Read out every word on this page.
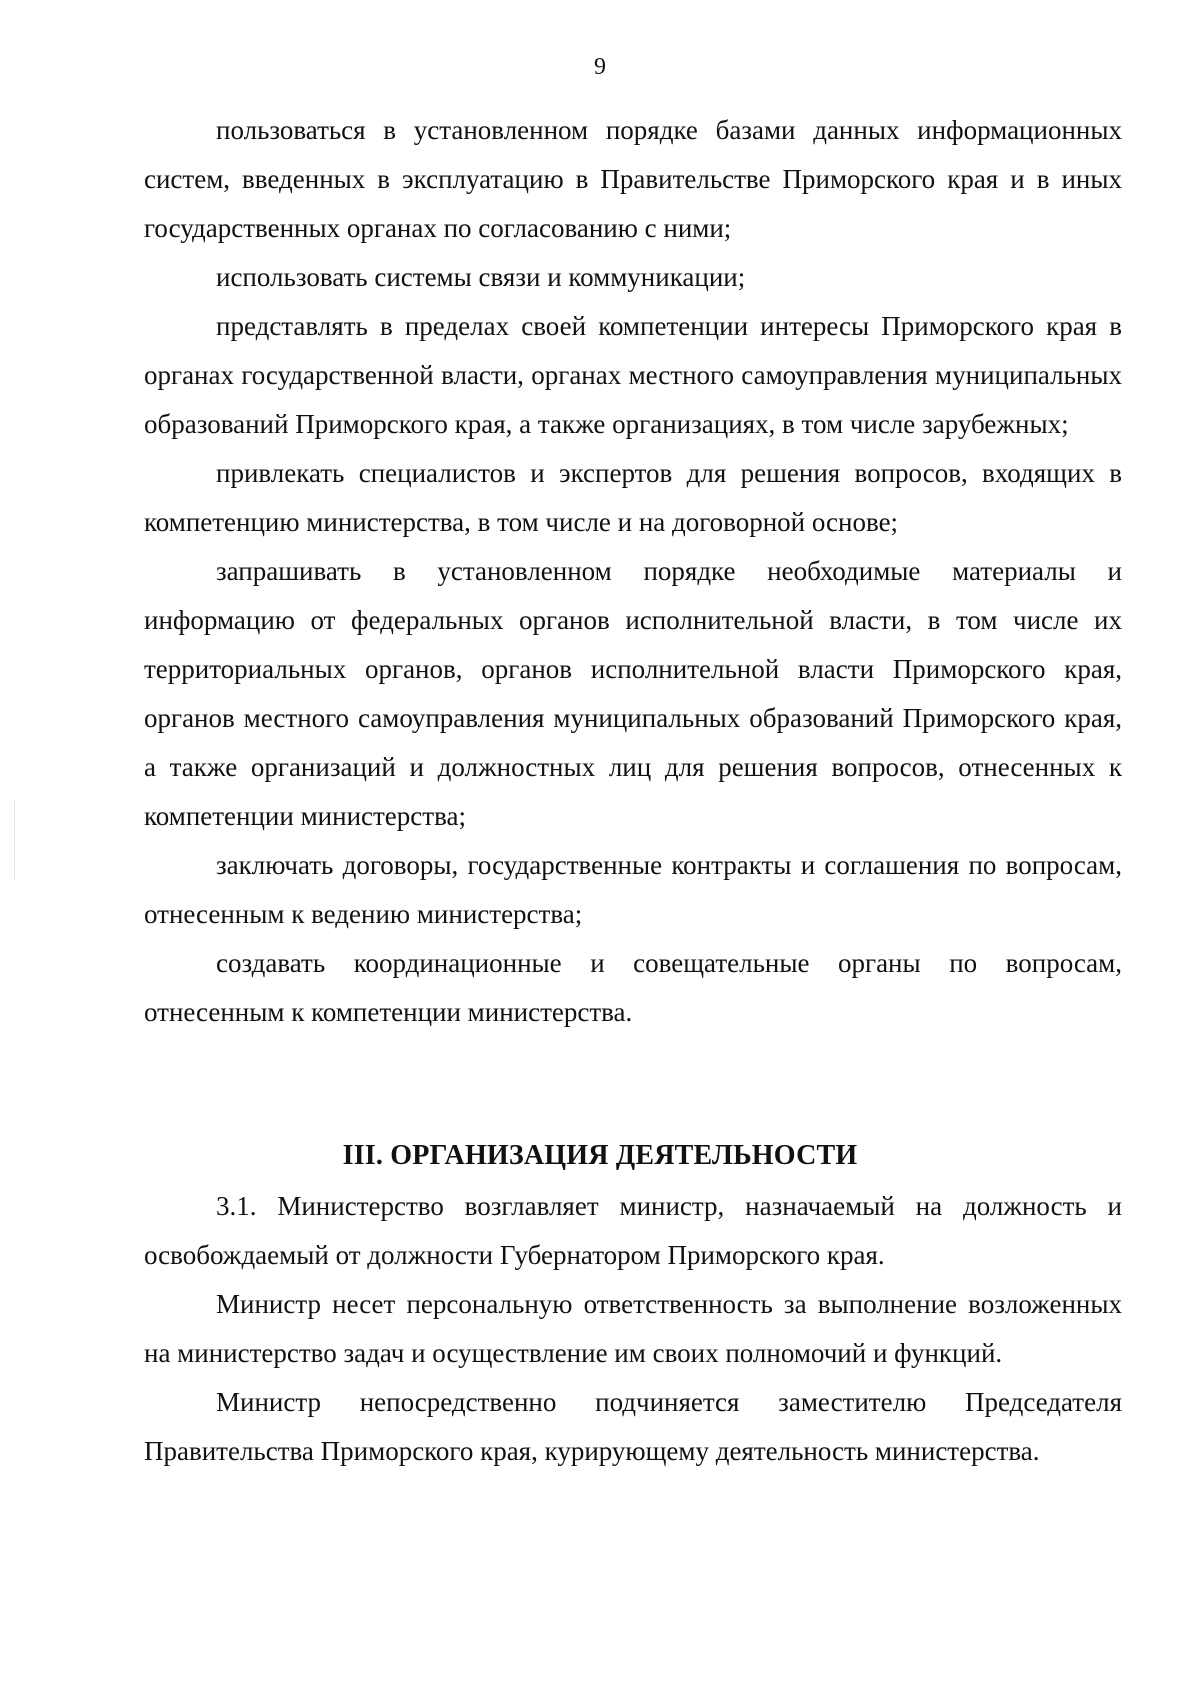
9

пользоваться в установленном порядке базами данных информационных систем, введенных в эксплуатацию в Правительстве Приморского края и в иных государственных органах по согласованию с ними;

использовать системы связи и коммуникации;

представлять в пределах своей компетенции интересы Приморского края в органах государственной власти, органах местного самоуправления муниципальных образований Приморского края, а также организациях, в том числе зарубежных;

привлекать специалистов и экспертов для решения вопросов, входящих в компетенцию министерства, в том числе и на договорной основе;

запрашивать в установленном порядке необходимые материалы и информацию от федеральных органов исполнительной власти, в том числе их территориальных органов, органов исполнительной власти Приморского края, органов местного самоуправления муниципальных образований Приморского края, а также организаций и должностных лиц для решения вопросов, отнесенных к компетенции министерства;

заключать договоры, государственные контракты и соглашения по вопросам, отнесенным к ведению министерства;

создавать координационные и совещательные органы по вопросам, отнесенным к компетенции министерства.

III. ОРГАНИЗАЦИЯ ДЕЯТЕЛЬНОСТИ

3.1. Министерство возглавляет министр, назначаемый на должность и освобождаемый от должности Губернатором Приморского края.

Министр несет персональную ответственность за выполнение возложенных на министерство задач и осуществление им своих полномочий и функций.

Министр непосредственно подчиняется заместителю Председателя Правительства Приморского края, курирующему деятельность министерства.
